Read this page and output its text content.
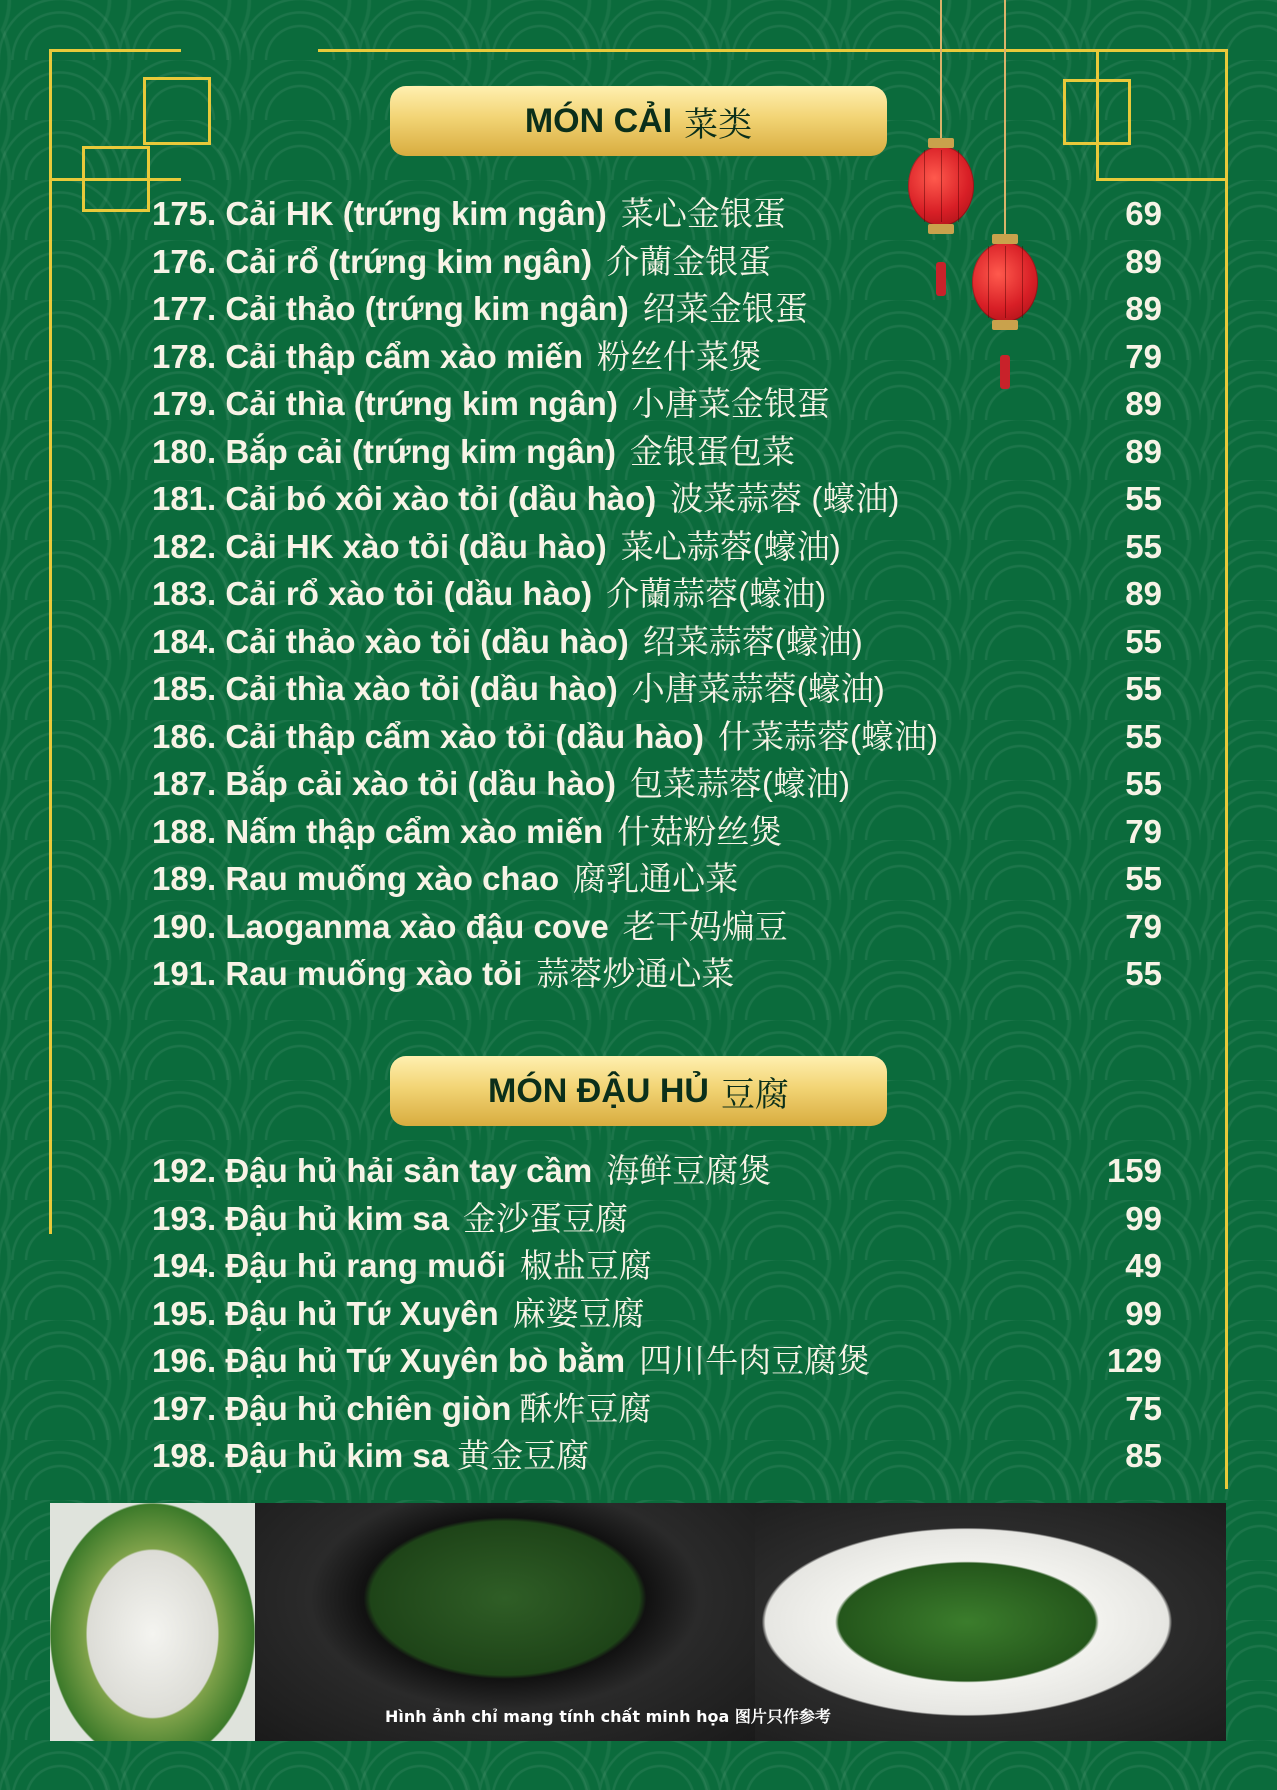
MÓN CẢI 菜类
175. Cải HK (trứng kim ngân) 菜心金银蛋	69
176. Cải rổ (trứng kim ngân) 介蘭金银蛋	89
177. Cải thảo (trứng kim ngân) 绍菜金银蛋	89
178. Cải thập cẩm xào miến 粉丝什菜煲	79
179. Cải thìa (trứng kim ngân) 小唐菜金银蛋	89
180. Bắp cải (trứng kim ngân) 金银蛋包菜	89
181. Cải bó xôi xào tỏi (dầu hào) 波菜蒜蓉 (蠔油)	55
182. Cải HK xào tỏi (dầu hào) 菜心蒜蓉(蠔油)	55
183. Cải rổ xào tỏi (dầu hào) 介蘭蒜蓉(蠔油)	89
184. Cải thảo xào tỏi (dầu hào) 绍菜蒜蓉(蠔油)	55
185. Cải thìa xào tỏi (dầu hào) 小唐菜蒜蓉(蠔油)	55
186. Cải thập cẩm xào tỏi (dầu hào) 什菜蒜蓉(蠔油)	55
187. Bắp cải xào tỏi (dầu hào) 包菜蒜蓉(蠔油)	55
188. Nấm thập cẩm xào miến 什菇粉丝煲	79
189. Rau muống xào chao 腐乳通心菜	55
190. Laoganma xào đậu cove 老干妈煸豆	79
191. Rau muống xào tỏi 蒜蓉炒通心菜	55
MÓN ĐẬU HỦ 豆腐
192. Đậu hủ hải sản tay cầm 海鲜豆腐煲	159
193. Đậu hủ kim sa 金沙蛋豆腐	99
194. Đậu hủ rang muối 椒盐豆腐	49
195. Đậu hủ Tứ Xuyên 麻婆豆腐	99
196. Đậu hủ Tứ Xuyên bò bằm 四川牛肉豆腐煲	129
197. Đậu hủ chiên giòn 酥炸豆腐	75
198. Đậu hủ kim sa 黄金豆腐	85
Hình ảnh chỉ mang tính chất minh họa 图片只作参考
